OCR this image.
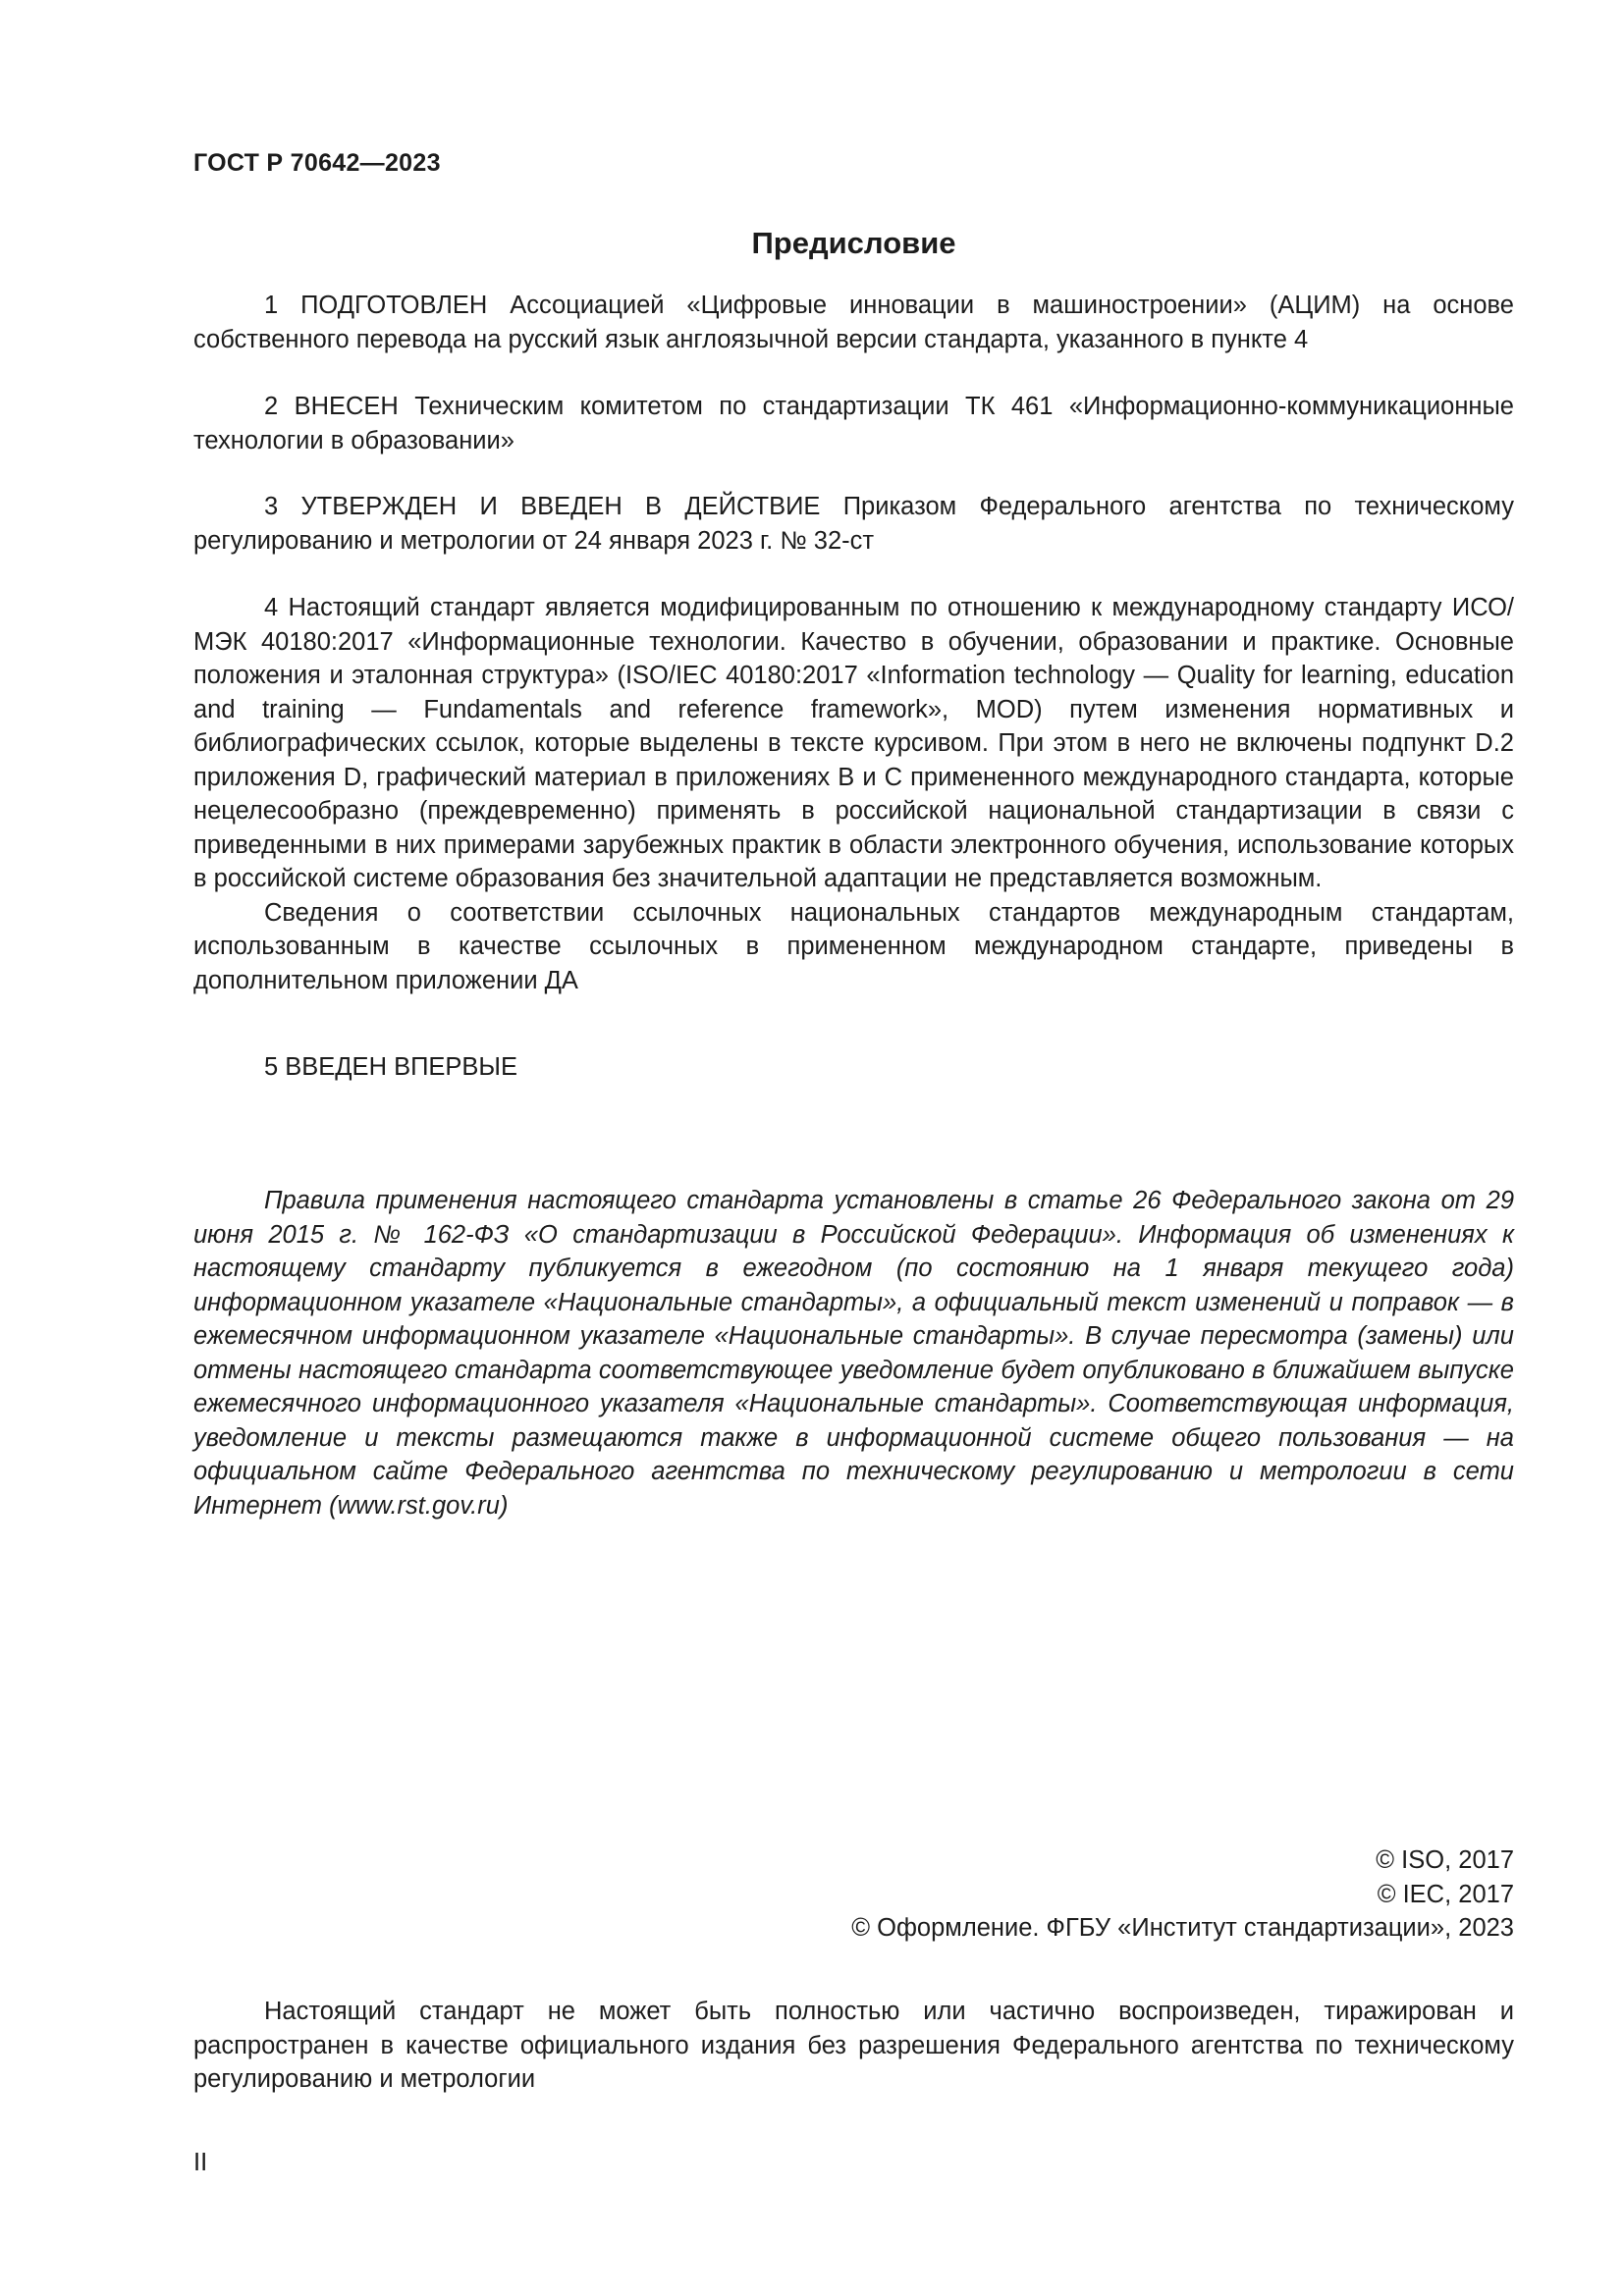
ГОСТ Р 70642—2023
Предисловие

1 ПОДГОТОВЛЕН Ассоциацией «Цифровые инновации в машиностроении» (АЦИМ) на основе собственного перевода на русский язык англоязычной версии стандарта, указанного в пункте 4

2 ВНЕСЕН Техническим комитетом по стандартизации ТК 461 «Информационно-коммуникационные технологии в образовании»

3 УТВЕРЖДЕН И ВВЕДЕН В ДЕЙСТВИЕ Приказом Федерального агентства по техническому регулированию и метрологии от 24 января 2023 г. № 32-ст

4 Настоящий стандарт является модифицированным по отношению к международному стандарту ИСО/МЭК 40180:2017 «Информационные технологии. Качество в обучении, образовании и практике. Основные положения и эталонная структура» (ISO/IEC 40180:2017 «Information technology — Quality for learning, education and training — Fundamentals and reference framework», MOD) путем изменения нормативных и библиографических ссылок, которые выделены в тексте курсивом. При этом в него не включены подпункт D.2 приложения D, графический материал в приложениях В и С примененного международного стандарта, которые нецелесообразно (преждевременно) применять в российской национальной стандартизации в связи с приведенными в них примерами зарубежных практик в области электронного обучения, использование которых в российской системе образования без значительной адаптации не представляется возможным.

Сведения о соответствии ссылочных национальных стандартов международным стандартам, использованным в качестве ссылочных в примененном международном стандарте, приведены в дополнительном приложении ДА

5 ВВЕДЕН ВПЕРВЫЕ

Правила применения настоящего стандарта установлены в статье 26 Федерального закона от 29 июня 2015 г. № 162-ФЗ «О стандартизации в Российской Федерации». Информация об изменениях к настоящему стандарту публикуется в ежегодном (по состоянию на 1 января текущего года) информационном указателе «Национальные стандарты», а официальный текст изменений и поправок — в ежемесячном информационном указателе «Национальные стандарты». В случае пересмотра (замены) или отмены настоящего стандарта соответствующее уведомление будет опубликовано в ближайшем выпуске ежемесячного информационного указателя «Национальные стандарты». Соответствующая информация, уведомление и тексты размещаются также в информационной системе общего пользования — на официальном сайте Федерального агентства по техническому регулированию и метрологии в сети Интернет (www.rst.gov.ru)

© ISO, 2017
© IEC, 2017
© Оформление. ФГБУ «Институт стандартизации», 2023

Настоящий стандарт не может быть полностью или частично воспроизведен, тиражирован и распространен в качестве официального издания без разрешения Федерального агентства по техническому регулированию и метрологии

II
